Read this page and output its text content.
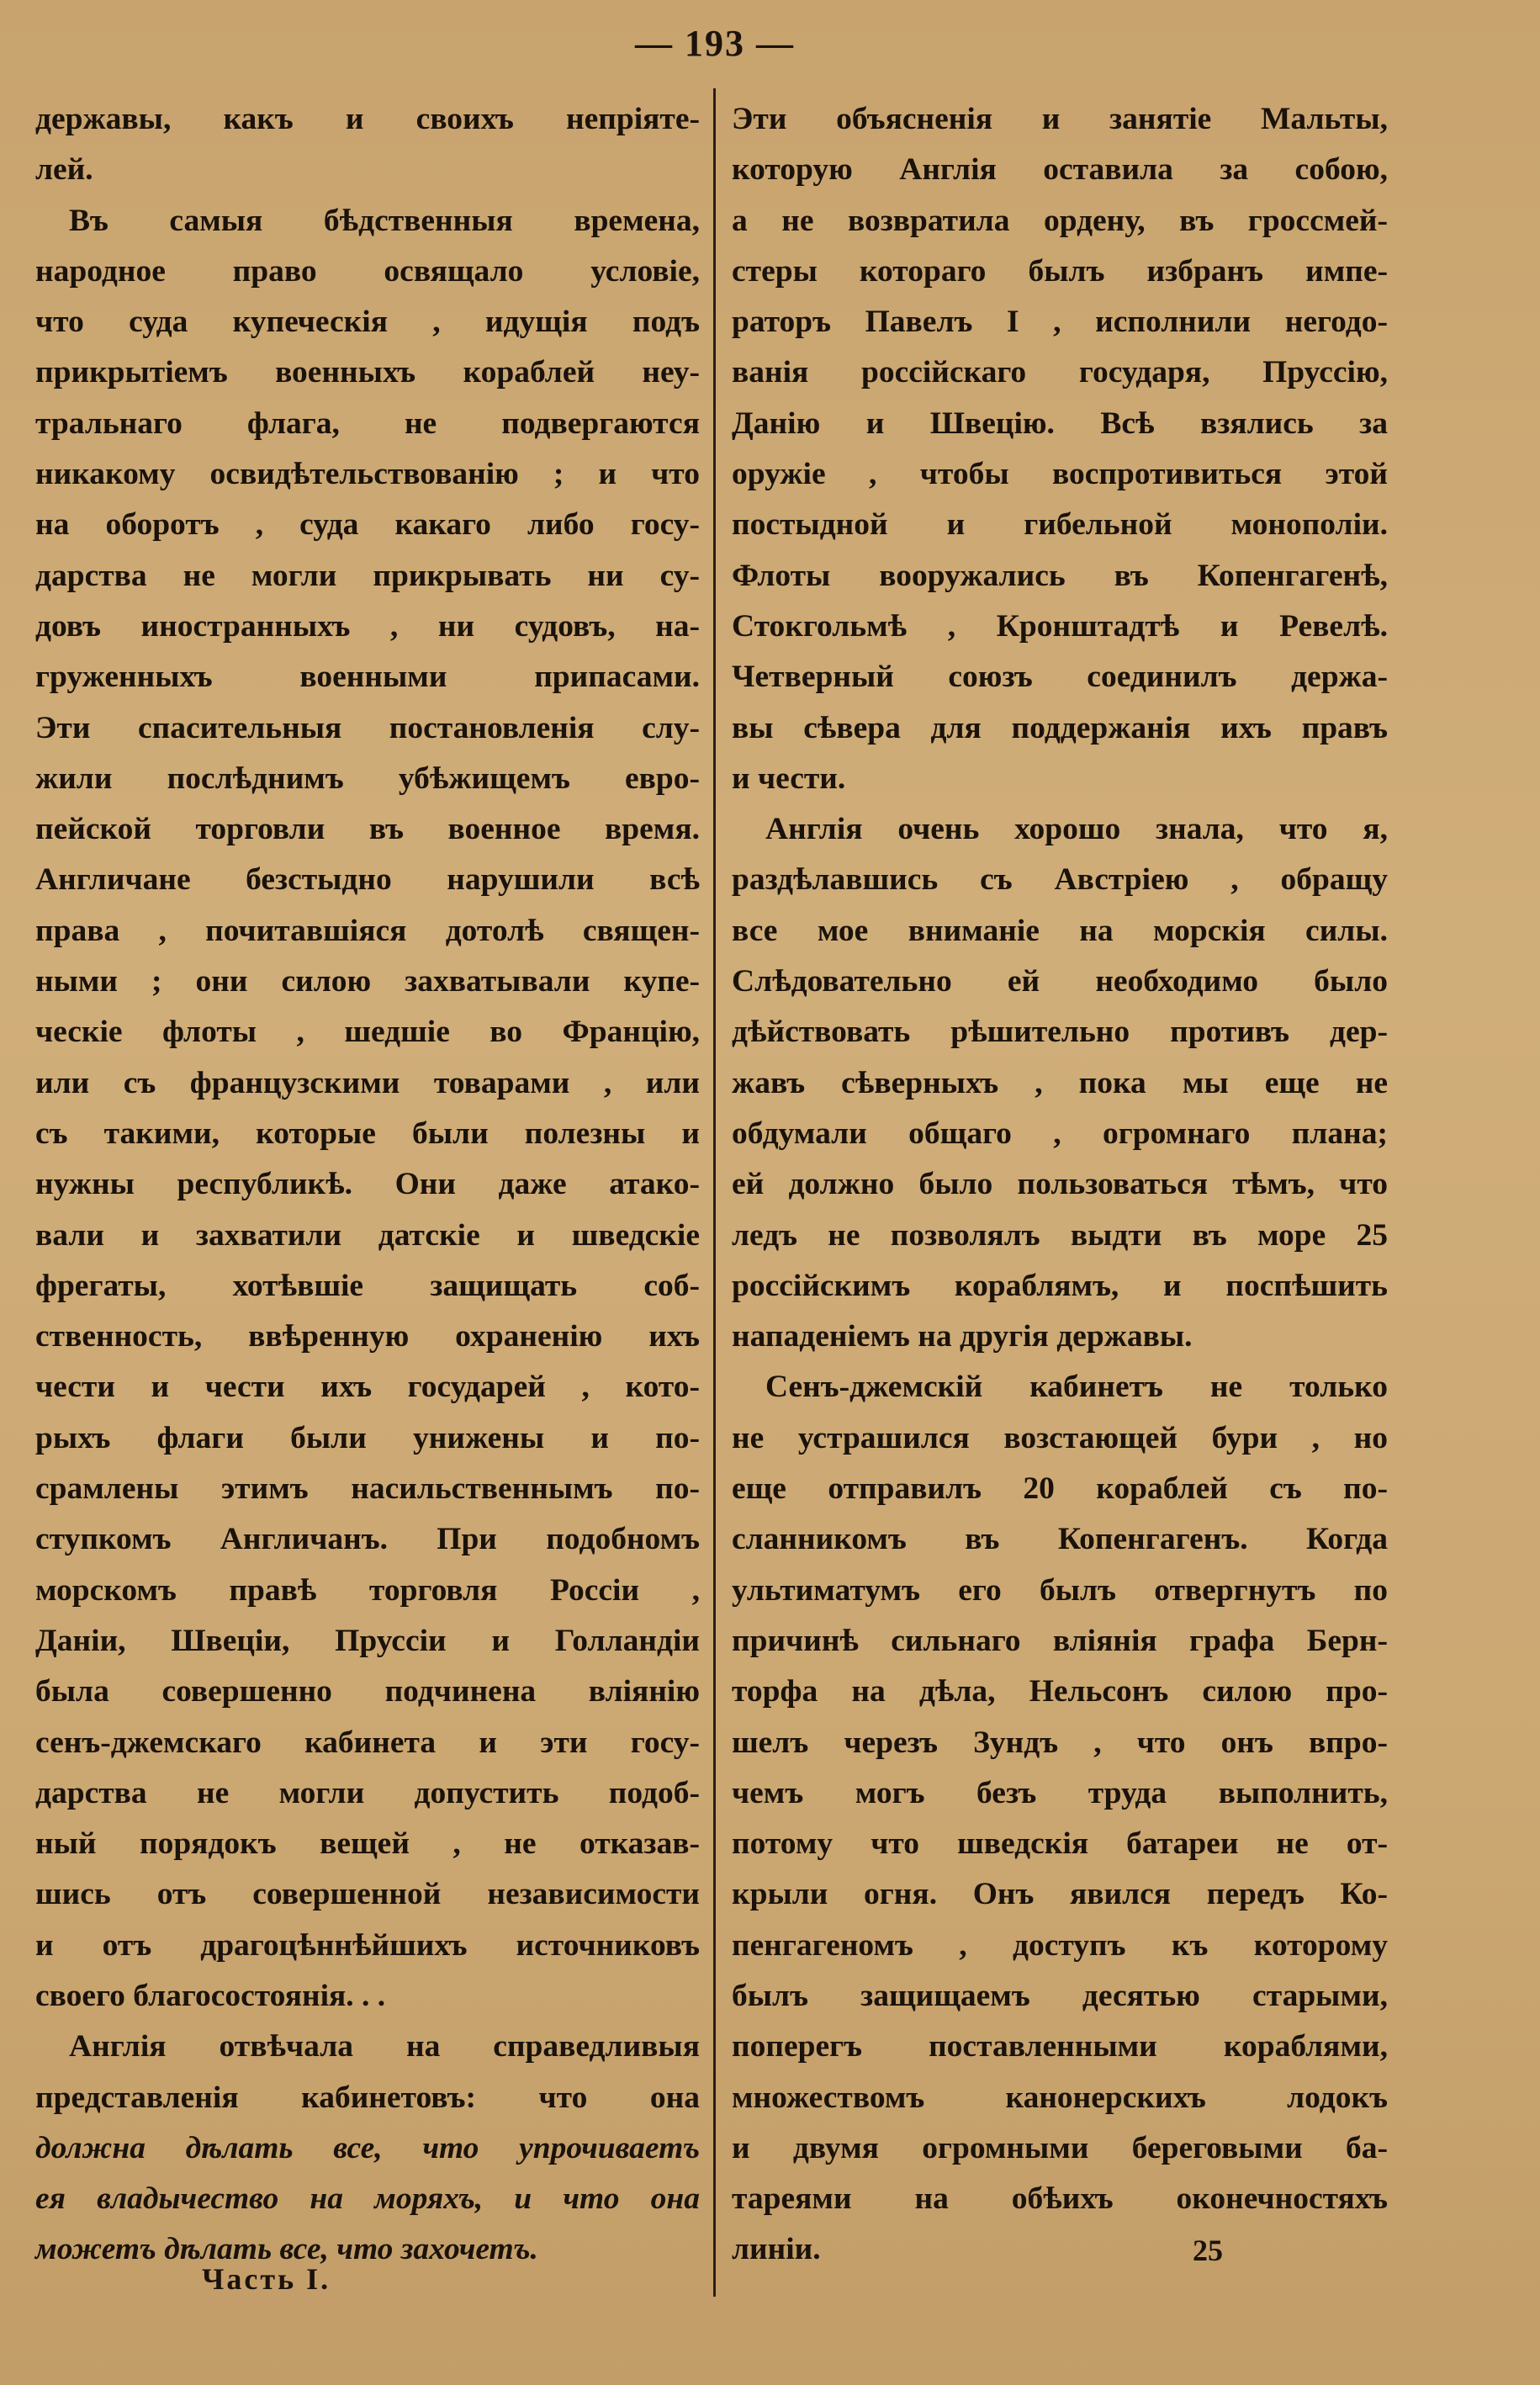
— 193 —
державы, какъ и своихъ непріяте-
лей.
Въ самыя бѣдственныя времена,
народное право освящало условіе,
что суда купеческія , идущія подъ
прикрытіемъ военныхъ кораблей неу-
тральнаго флага, не подвергаются
никакому освидѣтельствованію ; и что
на оборотъ , суда какаго либо госу-
дарства не могли прикрывать ни су-
довъ иностранныхъ , ни судовъ, на-
груженныхъ военными припасами.
Эти спасительныя постановленія слу-
жили послѣднимъ убѣжищемъ евро-
пейской торговли въ военное время.
Англичане безстыдно нарушили всѣ
права , почитавшіяся дотолѣ священ-
ными ; они силою захватывали купе-
ческіе флоты , шедшіе во Францію,
или съ французскими товарами , или
съ такими, которые были полезны и
нужны республикѣ. Они даже атако-
вали и захватили датскіе и шведскіе
фрегаты, хотѣвшіе защищать соб-
ственность, ввѣренную охраненію ихъ
чести и чести ихъ государей , кото-
рыхъ флаги были унижены и по-
срамлены этимъ насильственнымъ по-
ступкомъ Англичанъ. При подобномъ
морскомъ правѣ торговля Россіи ,
Даніи, Швеціи, Пруссіи и Голландіи
была совершенно подчинена вліянію
сенъ-джемскаго кабинета и эти госу-
дарства не могли допустить подоб-
ный порядокъ вещей , не отказав-
шись отъ совершенной независимости
и отъ драгоцѣннѣйшихъ источниковъ
своего благосостоянія. . .
Англія отвѣчала на справедливыя
представленія кабинетовъ: что она
должна дѣлать все, что упрочиваетъ
ея владычество на моряхъ, и что она
можетъ дѣлать все, что захочетъ.
Эти объясненія и занятіе Мальты,
которую Англія оставила за собою,
а не возвратила ордену, въ гроссмей-
стеры котораго былъ избранъ импе-
раторъ Павелъ I , исполнили негодо-
ванія россійскаго государя, Пруссію,
Данію и Швецію. Всѣ взялись за
оружіе , чтобы воспротивиться этой
постыдной и гибельной монополіи.
Флоты вооружались въ Копенгагенѣ,
Стокгольмѣ , Кронштадтѣ и Ревелѣ.
Четверный союзъ соединилъ держа-
вы сѣвера для поддержанія ихъ правъ
и чести.
Англія очень хорошо знала, что я,
раздѣлавшись съ Австріею , обращу
все мое вниманіе на морскія силы.
Слѣдовательно ей необходимо было
дѣйствовать рѣшительно противъ дер-
жавъ сѣверныхъ , пока мы еще не
обдумали общаго , огромнаго плана;
ей должно было пользоваться тѣмъ, что
ледъ не позволялъ выдти въ море 25
россійскимъ кораблямъ, и поспѣшить
нападеніемъ на другія державы.
Сенъ-джемскій кабинетъ не только
не устрашился возстающей бури , но
еще отправилъ 20 кораблей съ по-
сланникомъ въ Копенгагенъ. Когда
ультиматумъ его былъ отвергнутъ по
причинѣ сильнаго вліянія графа Берн-
торфа на дѣла, Нельсонъ силою про-
шелъ черезъ Зундъ , что онъ впро-
чемъ могъ безъ труда выполнить,
потому что шведскія батареи не от-
крыли огня. Онъ явился передъ Ко-
пенгагеномъ , доступъ къ которому
былъ защищаемъ десятью старыми,
поперегъ поставленными кораблями,
множествомъ канонерскихъ лодокъ
и двумя огромными береговыми ба-
тареями на обѣихъ оконечностяхъ
линіи.
Часть I.
25
